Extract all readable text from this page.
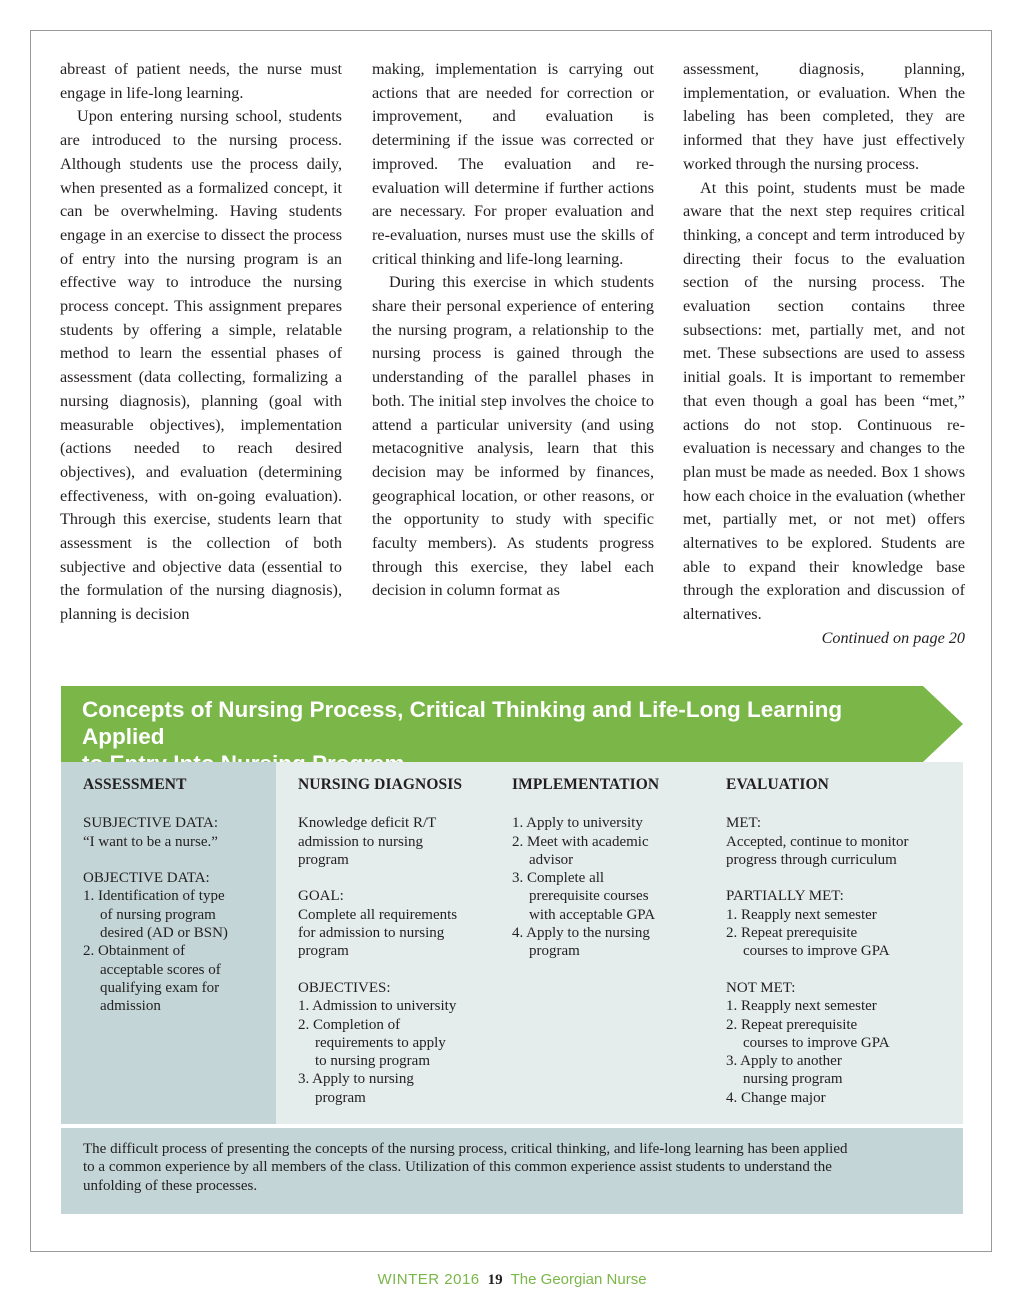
abreast of patient needs, the nurse must engage in life-long learning.

Upon entering nursing school, students are introduced to the nursing process. Although students use the process daily, when presented as a formalized concept, it can be overwhelming. Having students engage in an exercise to dissect the process of entry into the nursing program is an effective way to introduce the nursing process concept. This assignment prepares students by offering a simple, relatable method to learn the essential phases of assessment (data collecting, formalizing a nursing diagnosis), planning (goal with measurable objectives), implementation (actions needed to reach desired objectives), and evaluation (determining effectiveness, with on-going evaluation). Through this exercise, students learn that assessment is the collection of both subjective and objective data (essential to the formulation of the nursing diagnosis), planning is decision

making, implementation is carrying out actions that are needed for correction or improvement, and evaluation is determining if the issue was corrected or improved. The evaluation and re-evaluation will determine if further actions are necessary. For proper evaluation and re-evaluation, nurses must use the skills of critical thinking and life-long learning.

During this exercise in which students share their personal experience of entering the nursing program, a relationship to the nursing process is gained through the understanding of the parallel phases in both. The initial step involves the choice to attend a particular university (and using metacognitive analysis, learn that this decision may be informed by finances, geographical location, or other reasons, or the opportunity to study with specific faculty members). As students progress through this exercise, they label each decision in column format as

assessment, diagnosis, planning, implementation, or evaluation. When the labeling has been completed, they are informed that they have just effectively worked through the nursing process.

At this point, students must be made aware that the next step requires critical thinking, a concept and term introduced by directing their focus to the evaluation section of the nursing process. The evaluation section contains three subsections: met, partially met, and not met. These subsections are used to assess initial goals. It is important to remember that even though a goal has been “met,” actions do not stop. Continuous re-evaluation is necessary and changes to the plan must be made as needed. Box 1 shows how each choice in the evaluation (whether met, partially met, or not met) offers alternatives to be explored. Students are able to expand their knowledge base through the exploration and discussion of alternatives.

Continued on page 20

Concepts of Nursing Process, Critical Thinking and Life-Long Learning Applied
ASSESSMENT
SUBJECTIVE DATA:
“I want to be a nurse.”
OBJECTIVE DATA:
1. Identification of type
of nursing program
desired (AD or BSN)
2. Obtainment of
acceptable scores of
qualifying exam for
admission
NURSING DIAGNOSIS
Knowledge deficit R/T
admission to nursing
program
GOAL:
Complete all requirements
for admission to nursing
program
OBJECTIVES:
1. Admission to university
2. Completion of
requirements to apply
to nursing program
3. Apply to nursing
program
IMPLEMENTATION
1. Apply to university
2. Meet with academic
advisor
3. Complete all
prerequisite courses
with acceptable GPA
4. Apply to the nursing
program
EVALUATION
MET:
Accepted, continue to monitor
progress through curriculum
PARTIALLY MET:
1. Reapply next semester
2. Repeat prerequisite
courses to improve GPA
NOT MET:
1. Reapply next semester
2. Repeat prerequisite
courses to improve GPA
3. Apply to another
nursing program
4. Change major
The difficult process of presenting the concepts of the nursing process, critical thinking, and life-long learning has been applied
to a common experience by all members of the class. Utilization of this common experience assist students to understand the
unfolding of these processes.
WINTER 2016 19 The Georgian Nurse
